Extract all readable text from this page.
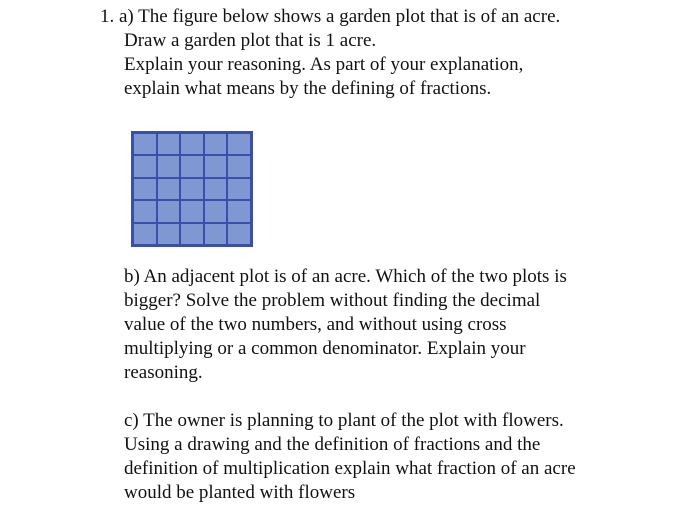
1. a) The figure below shows a garden plot that is of an acre.
Draw a garden plot that is 1 acre.
Explain your reasoning. As part of your explanation,
explain what means by the defining of fractions.
b) An adjacent plot is of an acre. Which of the two plots is
bigger? Solve the problem without finding the decimal
value of the two numbers, and without using cross
multiplying or a common denominator. Explain your
reasoning.
c) The owner is planning to plant of the plot with flowers.
Using a drawing and the definition of fractions and the
definition of multiplication explain what fraction of an acre
would be planted with flowers
